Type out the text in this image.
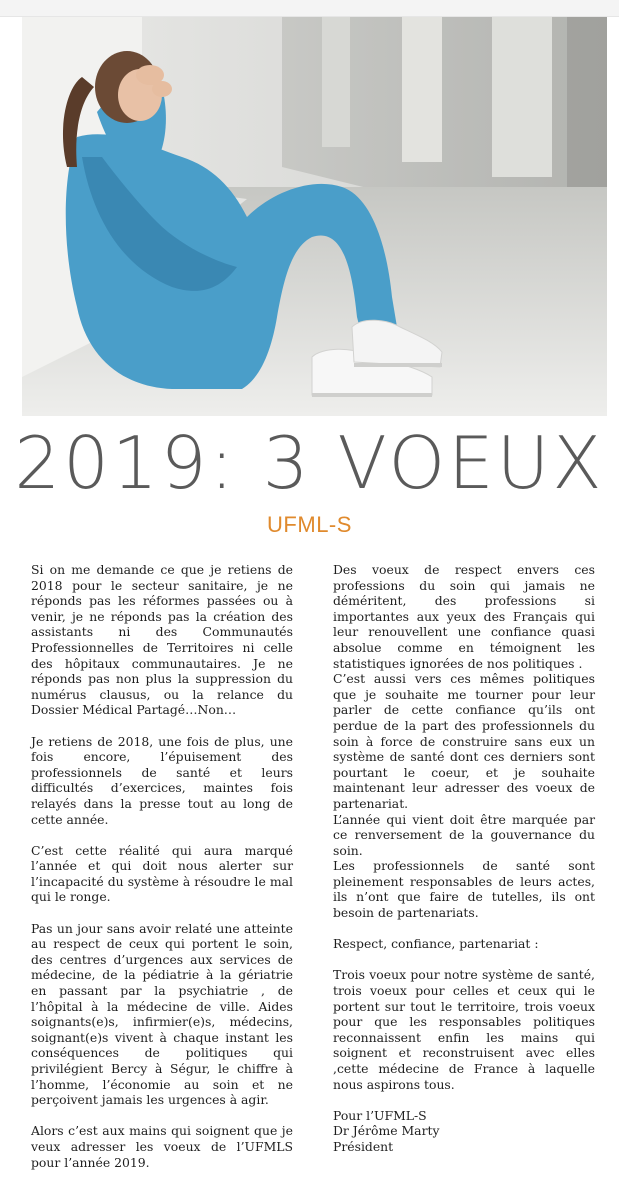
2019: 3 VOEUX
UFML-S

Si on me demande ce que je retiens de 2018 pour le secteur sanitaire, je ne réponds pas les réformes passées ou à venir, je ne réponds pas la création des assistants ni des Communautés Professionnelles de Territoires ni celle des hôpitaux communautaires. Je ne réponds pas non plus la suppression du numérus clausus, ou la relance du Dossier Médical Partagé…Non…

Je retiens de 2018, une fois de plus, une fois encore, l’épuisement des professionnels de santé et leurs difficultés d’exercices, maintes fois relayés dans la presse tout au long de cette année.

C’est cette réalité qui aura marqué l’année et qui doit nous alerter sur l’incapacité du système à résoudre le mal qui le ronge.

Pas un jour sans avoir relaté une atteinte au respect de ceux qui portent le soin, des centres d’urgences aux services de médecine, de la pédiatrie à la gériatrie en passant par la psychiatrie , de l’hôpital à la médecine de ville. Aides soignants(e)s, infirmier(e)s, médecins, soignant(e)s vivent à chaque instant les conséquences de politiques qui privilégient Bercy à Ségur, le chiffre à l’homme, l’économie au soin et ne perçoivent jamais les urgences à agir.

Alors c’est aux mains qui soignent que je veux adresser les voeux de l’UFMLS pour l’année 2019.

Des voeux de respect envers ces professions du soin qui jamais ne déméritent, des professions si importantes aux yeux des Français qui leur renouvellent une confiance quasi absolue comme en témoignent les statistiques ignorées de nos politiques .

C’est aussi vers ces mêmes politiques que je souhaite me tourner pour leur parler de cette confiance qu’ils ont perdue de la part des professionnels du soin à force de construire sans eux un système de santé dont ces derniers sont pourtant le coeur, et je souhaite maintenant leur adresser des voeux de partenariat.

L’année qui vient doit être marquée par ce renversement de la gouvernance du soin.

Les professionnels de santé sont pleinement responsables de leurs actes, ils n’ont que faire de tutelles, ils ont besoin de partenariats.

Respect, confiance, partenariat :

Trois voeux pour notre système de santé, trois voeux pour celles et ceux qui le portent sur tout le territoire, trois voeux pour que les responsables politiques reconnaissent enfin les mains qui soignent et reconstruisent avec elles ,cette médecine de France à laquelle nous aspirons tous.

Pour l’UFML-S

Dr Jérôme Marty

Président
